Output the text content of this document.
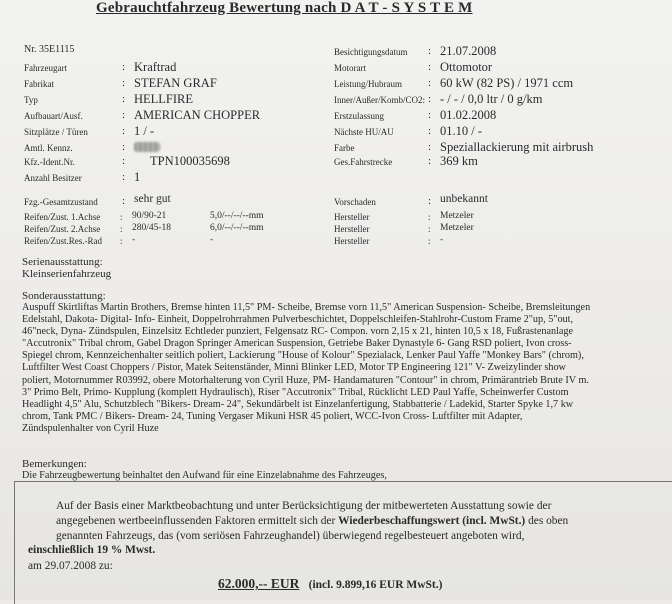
Gebrauchtfahrzeug Bewertung nach D A T - S Y S T E M
Nr. 35E1115
Fahrzeugart	: Kraftrad
Fabrikat	: STEFAN GRAF
Typ	: HELLFIRE
Aufbauart/Ausf.	: AMERICAN CHOPPER
Sitzplätze / Türen	: 1 / -
Amtl. Kennz.	:
Kfz.-Ident.Nr.	: TPN100035698
Anzahl Besitzer	: 1
Besichtigungsdatum : 21.07.2008
Motorart	: Ottomotor
Leistung/Hubraum : 60 kW (82 PS) / 1971 ccm
Inner/Außer/Komb/CO2: : - / - / 0,0 ltr / 0 g/km
Erstzulassung	: 01.02.2008
Nächste HU/AU	: 01.10 / -
Farbe	: Speziallackierung mit airbrush
Ges.Fahrstrecke	: 369 km
Fzg.-Gesamtzustand : sehr gut	Vorschaden	: unbekannt
Reifen/Zust. 1.Achse : 90/90-21	5,0/--/--/--mm	Hersteller	: Metzeler
Reifen/Zust. 2.Achse : 280/45-18	6,0/--/--/--mm	Hersteller	: Metzeler
Reifen/Zust.Res.-Rad : -	-	Hersteller	: -
Serienausstattung:
Kleinserienfahrzeug
Sonderausstattung:
Auspuff Skirtliftas Martin Brothers, Bremse hinten 11,5" PM- Scheibe, Bremse vorn 11,5" American Suspension- Scheibe, Bremsleitungen
Edelstahl, Dakota- Digital- Info- Einheit, Doppelrohrrahmen Pulverbeschichtet, Doppelschleifen-Stahlrohr-Custom Frame 2"up, 5"out,
46"neck, Dyna- Zündspulen, Einzelsitz Echtleder punziert, Felgensatz RC- Compon. vorn 2,15 x 21, hinten 10,5 x 18, Fußrastenanlage
"Accutronix" Tribal chrom, Gabel Dragon Springer American Suspension, Getriebe Baker Dynastyle 6- Gang RSD poliert, Ivon cross-
Spiegel chrom, Kennzeichenhalter seitlich poliert, Lackierung "House of Kolour" Spezialack, Lenker Paul Yaffe "Monkey Bars" (chrom),
Luftfilter West Coast Choppers / Pistor, Matek Seitenständer, Minni Blinker LED, Motor TP Engineering 121" V- Zweizylinder show
poliert, Motornummer R03992, obere Motorhalterung von Cyril Huze, PM- Handamaturen "Contour" in chrom, Primärantrieb Brute IV m.
3" Primo Belt, Primo- Kupplung (komplett Hydraulisch), Riser "Accutronix" Tribal, Rücklicht LED Paul Yaffe, Scheinwerfer Custom
Headlight 4,5" Alu, Schutzblech "Bikers- Dream- 24", Sekundärbelt ist Einzelanfertigung, Stabbatterie / Ladekid, Starter Spyke 1,7 kw
chrom, Tank PMC / Bikers- Dream- 24, Tuning Vergaser Mikuni HSR 45 poliert, WCC-Ivon Cross- Luftfilter mit Adapter,
Zündspulenhalter von Cyril Huze
Bemerkungen:
Die Fahrzeugbewertung beinhaltet den Aufwand für eine Einzelabnahme des Fahrzeuges,
Auf der Basis einer Marktbeobachtung und unter Berücksichtigung der mitbewerteten Ausstattung sowie der
angegebenen wertbeeinflussenden Faktoren ermittelt sich der Wiederbeschaffungswert (incl. MwSt.) des oben
genannten Fahrzeugs, das (vom seriösen Fahrzeughandel) überwiegend regelbesteuert angeboten wird,
einschließlich 19 % Mwst.
am 29.07.2008 zu:
62.000,-- EUR (incl. 9.899,16 EUR MwSt.)
